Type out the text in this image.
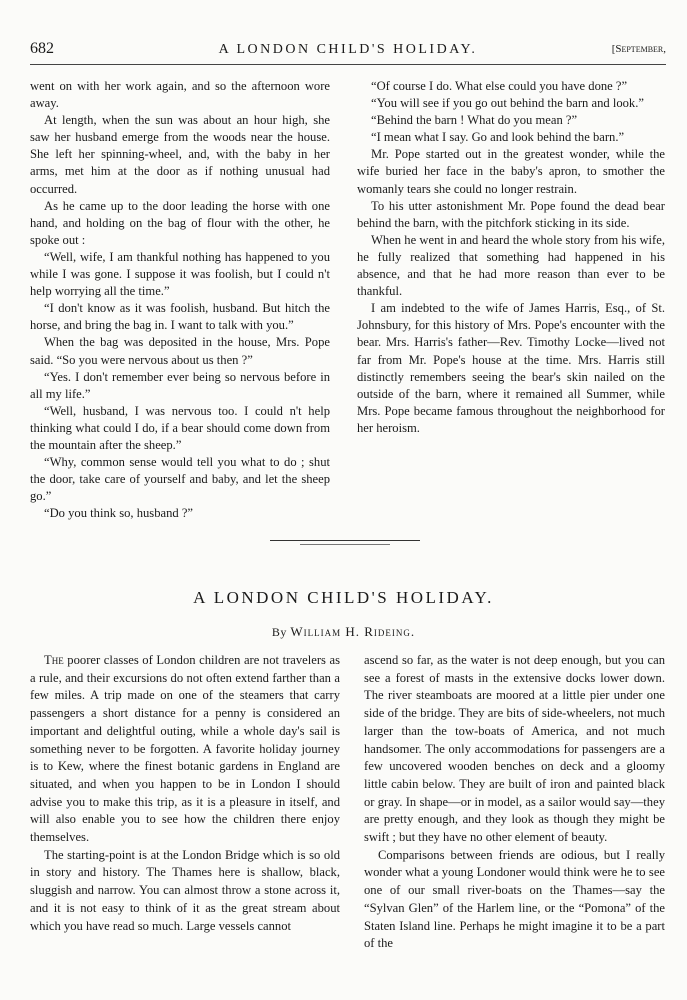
682	A LONDON CHILD'S HOLIDAY.	[September,

went on with her work again, and so the afternoon wore away.

At length, when the sun was about an hour high, she saw her husband emerge from the woods near the house. She left her spinning-wheel, and, with the baby in her arms, met him at the door as if nothing unusual had occurred.

As he came up to the door leading the horse with one hand, and holding on the bag of flour with the other, he spoke out :

“Well, wife, I am thankful nothing has happened to you while I was gone. I suppose it was foolish, but I could n't help worrying all the time.”

“I don't know as it was foolish, husband. But hitch the horse, and bring the bag in. I want to talk with you.”

When the bag was deposited in the house, Mrs. Pope said. “So you were nervous about us then ?”

“Yes. I don't remember ever being so nervous before in all my life.”

“Well, husband, I was nervous too. I could n't help thinking what could I do, if a bear should come down from the mountain after the sheep.”

“Why, common sense would tell you what to do ; shut the door, take care of yourself and baby, and let the sheep go.”

“Do you think so, husband ?”

“Of course I do. What else could you have done ?”

“You will see if you go out behind the barn and look.”

“Behind the barn ! What do you mean ?”

“I mean what I say. Go and look behind the barn.”

Mr. Pope started out in the greatest wonder, while the wife buried her face in the baby's apron, to smother the womanly tears she could no longer restrain.

To his utter astonishment Mr. Pope found the dead bear behind the barn, with the pitchfork sticking in its side.

When he went in and heard the whole story from his wife, he fully realized that something had happened in his absence, and that he had more reason than ever to be thankful.

I am indebted to the wife of James Harris, Esq., of St. Johnsbury, for this history of Mrs. Pope's encounter with the bear. Mrs. Harris's father—Rev. Timothy Locke—lived not far from Mr. Pope's house at the time. Mrs. Harris still distinctly remembers seeing the bear's skin nailed on the outside of the barn, where it remained all Summer, while Mrs. Pope became famous throughout the neighborhood for her heroism.

A LONDON CHILD'S HOLIDAY.
By William H. Rideing.

The poorer classes of London children are not travelers as a rule, and their excursions do not often extend farther than a few miles. A trip made on one of the steamers that carry passengers a short distance for a penny is considered an important and delightful outing, while a whole day's sail is something never to be forgotten. A favorite holiday journey is to Kew, where the finest botanic gardens in England are situated, and when you happen to be in London I should advise you to make this trip, as it is a pleasure in itself, and will also enable you to see how the children there enjoy themselves.

The starting-point is at the London Bridge which is so old in story and history. The Thames here is shallow, black, sluggish and narrow. You can almost throw a stone across it, and it is not easy to think of it as the great stream about which you have read so much. Large vessels cannot

ascend so far, as the water is not deep enough, but you can see a forest of masts in the extensive docks lower down. The river steamboats are moored at a little pier under one side of the bridge. They are bits of side-wheelers, not much larger than the tow-boats of America, and not much handsomer. The only accommodations for passengers are a few uncovered wooden benches on deck and a gloomy little cabin below. They are built of iron and painted black or gray. In shape—or in model, as a sailor would say—they are pretty enough, and they look as though they might be swift ; but they have no other element of beauty.

Comparisons between friends are odious, but I really wonder what a young Londoner would think were he to see one of our small river-boats on the Thames—say the “Sylvan Glen” of the Harlem line, or the “Pomona” of the Staten Island line. Perhaps he might imagine it to be a part of the
